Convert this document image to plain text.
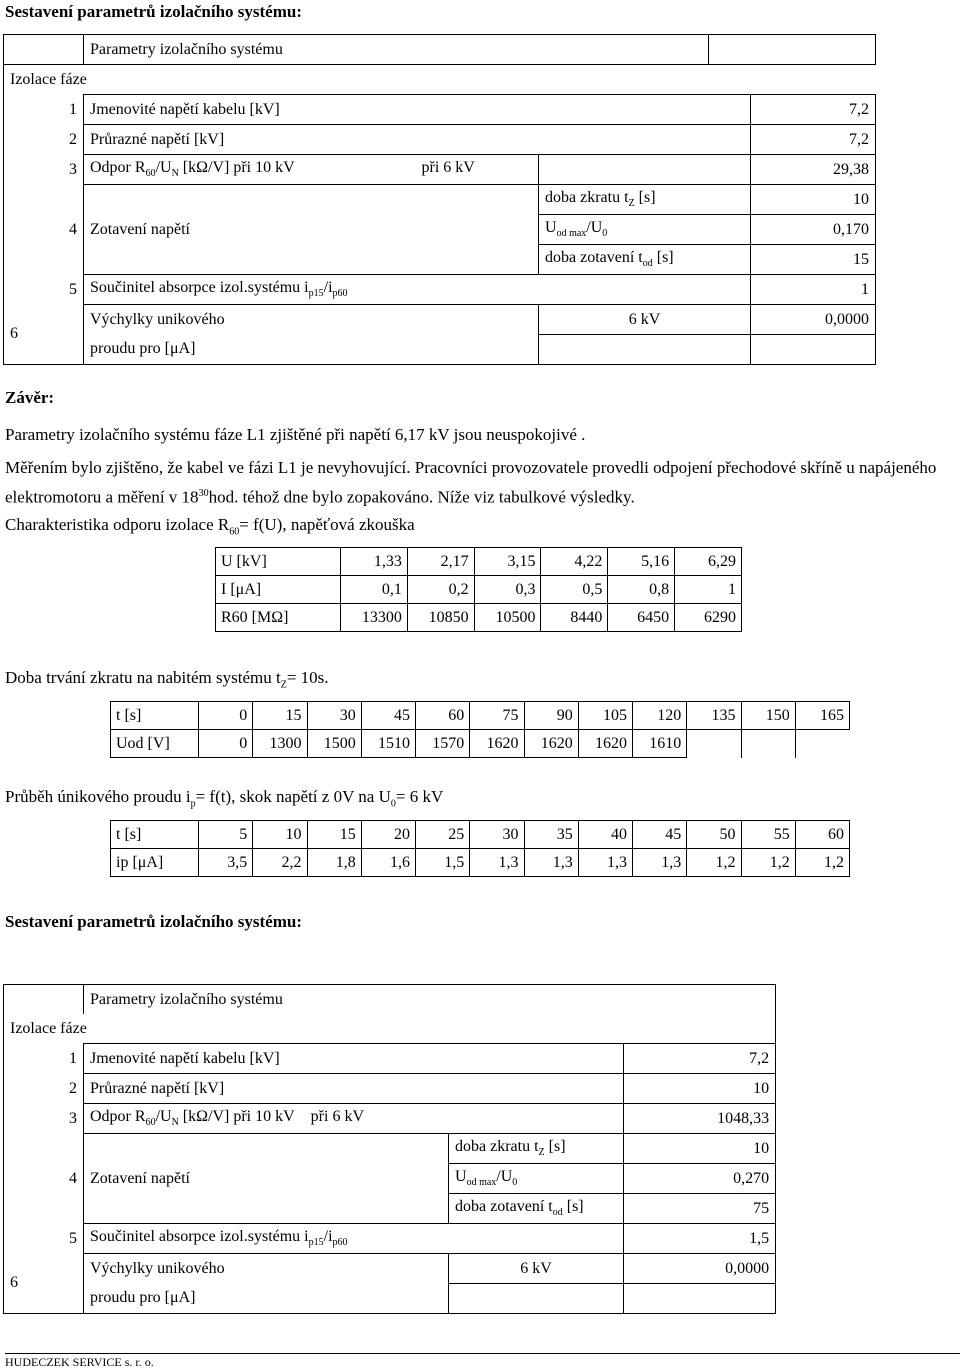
Sestavení parametrů izolačního systému:
	Parametry izolačního systému			
Izolace fáze				
1	Jmenovité napětí kabelu [kV]			7,2
2	Průrazné napětí [kV]			7,2
3	Odpor $R_{60}/U_N$ [kΩ/V] při 10 kV při 6 kV			29,38
		doba zkratu $t_Z$ [s]		10
4	Zotavení napětí	$U_{od max}/U_0$		0,170
		doba zotavení $t_{od}$ [s]		15
5	Součinitel absorpce izol.systému $i_{p15}/i_{p60}$			1
6	Výchylky unikového	6 kV		0,0000
	proudu pro [μA]			
Závěr:
Parametry izolačního systému fáze L1 zjištěné při napětí 6,17 kV jsou neuspokojivé .
Měřením bylo zjištěno, že kabel ve fázi L1 je nevyhovující. Pracovníci provozovatele provedli odpojení přechodové skříně u napájeného elektromotoru a měření v $18^{30}hod$. téhož dne bylo zopakováno. Níže viz tabulkové výsledky.
Charakteristika odporu izolace $R_{60}= f(U)$, napěťová zkouška
U [kV]	1,33	2,17	3,15	4,22	5,16	6,29
I [μA]	0,1	0,2	0,3	0,5	0,8	1
R60 [MΩ]	13300	10850	10500	8440	6450	6290
Doba trvání zkratu na nabitém systému $t_Z= 10s$.
t [s]	0	15	30	45	60	75	90	105	120	135	150	165
Uod [V]	0	1300	1500	1510	1570	1620	1620	1620	1610			
Průběh únikového proudu $i_p= f(t)$, skok napětí z 0V na $U_0= 6$ kV
t [s]	5	10	15	20	25	30	35	40	45	50	55	60
ip [μA]	3,5	2,2	1,8	1,6	1,5	1,3	1,3	1,3	1,3	1,2	1,2	1,2
Sestavení parametrů izolačního systému:
	Parametry izolačního systému		
Izolace fáze			
1	Jmenovité napětí kabelu [kV]		7,2
2	Průrazné napětí [kV]		10
3	Odpor $R_{60}/U_N$ [kΩ/V] při 10 kV při 6 kV		1048,33
		doba zkratu $t_Z$ [s]	10
4	Zotavení napětí	$U_{od max}/U_0$	0,270
		doba zotavení $t_{od}$ [s]	75
5	Součinitel absorpce izol.systému $i_{p15}/i_{p60}$		1,5
6	Výchylky unikového	6 kV	0,0000
	proudu pro [μA]		
HUDECZEK SERVICE s. r. o.
